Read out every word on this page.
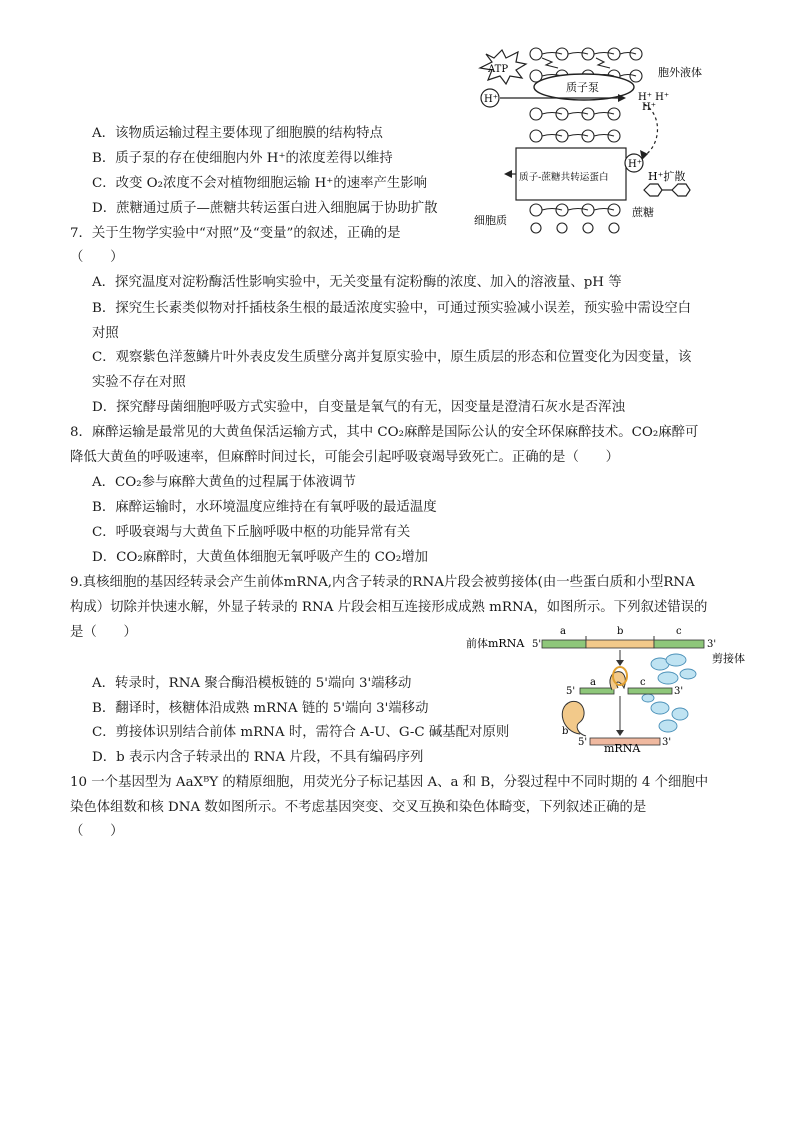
ATP
H⁺
质子泵
胞外液体
H⁺ H⁺
H⁺
H⁺
质子-蔗糖共转运蛋白	H⁺扩散
蔗糖
细胞质
A．该物质运输过程主要体现了细胞膜的结构特点
B．质子泵的存在使细胞内外 H⁺的浓度差得以维持
C．改变 O₂浓度不会对植物细胞运输 H⁺的速率产生影响
D．蔗糖通过质子—蔗糖共转运蛋白进入细胞属于协助扩散
7．关于生物学实验中“对照”及“变量”的叙述，正确的是
（　　）
A．探究温度对淀粉酶活性影响实验中，无关变量有淀粉酶的浓度、加入的溶液量、pH 等
B．探究生长素类似物对扦插枝条生根的最适浓度实验中，可通过预实验减小误差，预实验中需设空白
对照
C．观察紫色洋葱鳞片叶外表皮发生质壁分离并复原实验中，原生质层的形态和位置变化为因变量，该
实验不存在对照
D．探究酵母菌细胞呼吸方式实验中，自变量是氧气的有无，因变量是澄清石灰水是否浑浊
8．麻醉运输是最常见的大黄鱼保活运输方式，其中 CO₂麻醉是国际公认的安全环保麻醉技术。CO₂麻醉可
降低大黄鱼的呼吸速率，但麻醉时间过长，可能会引起呼吸衰竭导致死亡。正确的是（　　）
A．CO₂参与麻醉大黄鱼的过程属于体液调节
B．麻醉运输时，水环境温度应维持在有氧呼吸的最适温度
C．呼吸衰竭与大黄鱼下丘脑呼吸中枢的功能异常有关
D．CO₂麻醉时，大黄鱼体细胞无氧呼吸产生的 CO₂增加
9.真核细胞的基因经转录会产生前体mRNA,内含子转录的RNA片段会被剪接体(由一些蛋白质和小型RNA
构成）切除并快速水解，外显子转录的 RNA 片段会相互连接形成成熟 mRNA，如图所示。下列叙述错误的
是（　　）
A．转录时，RNA 聚合酶沿模板链的 5'端向 3'端移动
B．翻译时，核糖体沿成熟 mRNA 链的 5'端向 3'端移动
C．剪接体识别结合前体 mRNA 时，需符合 A-U、G-C 碱基配对原则
D．b 表示内含子转录出的 RNA 片段，不具有编码序列
前体mRNA 5'	3'
a	b	c
剪接体
5'
a	c
3'
b
5'	3'
mRNA
10 一个基因型为 AaXᴮY 的精原细胞，用荧光分子标记基因 A、a 和 B，分裂过程中不同时期的 4 个细胞中
染色体组数和核 DNA 数如图所示。不考虑基因突变、交叉互换和染色体畸变，下列叙述正确的是
（　　）
